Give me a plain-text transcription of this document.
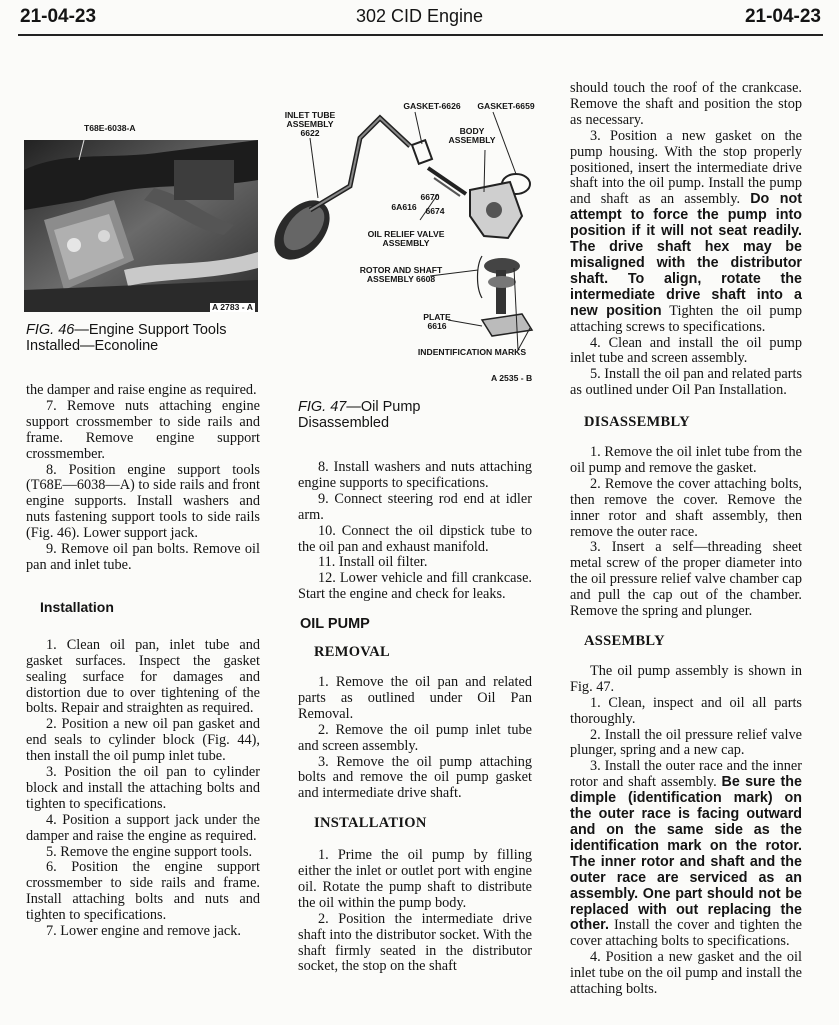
21-04-23	302 CID Engine	21-04-23
T68E-6038-A
A 2783 - A
FIG. 46—Engine Support Tools Installed—Econoline
INLET TUBE ASSEMBLY 6622
GASKET-6626	GASKET-6659
BODY ASSEMBLY
6670
6A616	6674
OIL RELIEF VALVE ASSEMBLY
ROTOR AND SHAFT ASSEMBLY 6608
PLATE 6616
INDENTIFICATION MARKS
A 2535 - B
FIG. 47—Oil Pump Disassembled

the damper and raise engine as required.

7. Remove nuts attaching engine support crossmember to side rails and frame. Remove engine support crossmember.

8. Position engine support tools (T68E—6038—A) to side rails and front engine supports. Install washers and nuts fastening support tools to side rails (Fig. 46). Lower support jack.

9. Remove oil pan bolts. Remove oil pan and inlet tube.

Installation

1. Clean oil pan, inlet tube and gasket surfaces. Inspect the gasket sealing surface for damages and distortion due to over tightening of the bolts. Repair and straighten as required.

2. Position a new oil pan gasket and end seals to cylinder block (Fig. 44), then install the oil pump inlet tube.

3. Position the oil pan to cylinder block and install the attaching bolts and tighten to specifications.

4. Position a support jack under the damper and raise the engine as required.

5. Remove the engine support tools.

6. Position the engine support crossmember to side rails and frame. Install attaching bolts and nuts and tighten to specifications.

7. Lower engine and remove jack.

8. Install washers and nuts attaching engine supports to specifications.

9. Connect steering rod end at idler arm.

10. Connect the oil dipstick tube to the oil pan and exhaust manifold.

11. Install oil filter.

12. Lower vehicle and fill crankcase. Start the engine and check for leaks.

OIL PUMP
REMOVAL

1. Remove the oil pan and related parts as outlined under Oil Pan Removal.

2. Remove the oil pump inlet tube and screen assembly.

3. Remove the oil pump attaching bolts and remove the oil pump gasket and intermediate drive shaft.

INSTALLATION

1. Prime the oil pump by filling either the inlet or outlet port with engine oil. Rotate the pump shaft to distribute the oil within the pump body.

2. Position the intermediate drive shaft into the distributor socket. With the shaft firmly seated in the distributor socket, the stop on the shaft

should touch the roof of the crankcase. Remove the shaft and position the stop as necessary.

3. Position a new gasket on the pump housing. With the stop properly positioned, insert the intermediate drive shaft into the oil pump. Install the pump and shaft as an assembly. Do not attempt to force the pump into position if it will not seat readily. The drive shaft hex may be misaligned with the distributor shaft. To align, rotate the intermediate drive shaft into a new position Tighten the oil pump attaching screws to specifications.

4. Clean and install the oil pump inlet tube and screen assembly.

5. Install the oil pan and related parts as outlined under Oil Pan Installation.

DISASSEMBLY

1. Remove the oil inlet tube from the oil pump and remove the gasket.

2. Remove the cover attaching bolts, then remove the cover. Remove the inner rotor and shaft assembly, then remove the outer race.

3. Insert a self—threading sheet metal screw of the proper diameter into the oil pressure relief valve chamber cap and pull the cap out of the chamber. Remove the spring and plunger.

ASSEMBLY

The oil pump assembly is shown in Fig. 47.

1. Clean, inspect and oil all parts thoroughly.

2. Install the oil pressure relief valve plunger, spring and a new cap.

3. Install the outer race and the inner rotor and shaft assembly. Be sure the dimple (identification mark) on the outer race is facing outward and on the same side as the identification mark on the rotor. The inner rotor and shaft and the outer race are serviced as an assembly. One part should not be replaced with out replacing the other. Install the cover and tighten the cover attaching bolts to specifications.

4. Position a new gasket and the oil inlet tube on the oil pump and install the attaching bolts.
